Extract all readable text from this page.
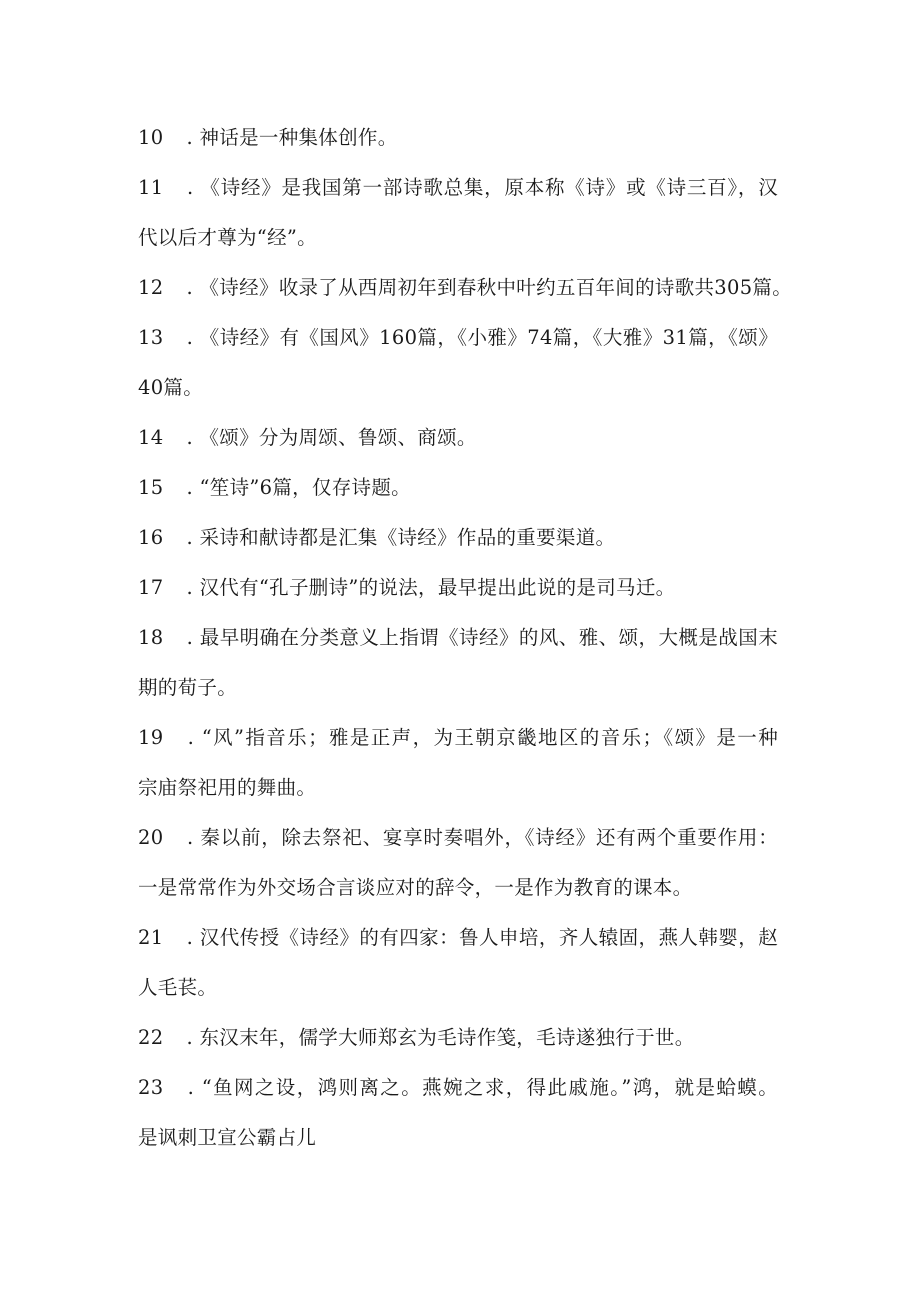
10 . 神话是一种集体创作。
11 . 《诗经》是我国第一部诗歌总集，原本称《诗》或《诗三百》，汉
代以后才尊为“经”。
12 . 《诗经》收录了从西周初年到春秋中叶约五百年间的诗歌共305篇。
13 . 《诗经》有《国风》160篇，《小雅》74篇，《大雅》31篇，《颂》
40篇。
14 . 《颂》分为周颂、鲁颂、商颂。
15 . “笙诗”6篇，仅存诗题。
16 . 采诗和献诗都是汇集《诗经》作品的重要渠道。
17 . 汉代有“孔子删诗”的说法，最早提出此说的是司马迁。
18 . 最早明确在分类意义上指谓《诗经》的风、雅、颂，大概是战国末
期的荀子。
19 . “风”指音乐；雅是正声，为王朝京畿地区的音乐；《颂》是一种
宗庙祭祀用的舞曲。
20 . 秦以前，除去祭祀、宴享时奏唱外，《诗经》还有两个重要作用：
一是常常作为外交场合言谈应对的辞令，一是作为教育的课本。
21 . 汉代传授《诗经》的有四家：鲁人申培，齐人辕固，燕人韩婴，赵
人毛苌。
22 . 东汉末年，儒学大师郑玄为毛诗作笺，毛诗遂独行于世。
23 . “鱼网之设，鸿则离之。燕婉之求，得此戚施。”鸿，就是蛤蟆。
是讽刺卫宣公霸占儿
